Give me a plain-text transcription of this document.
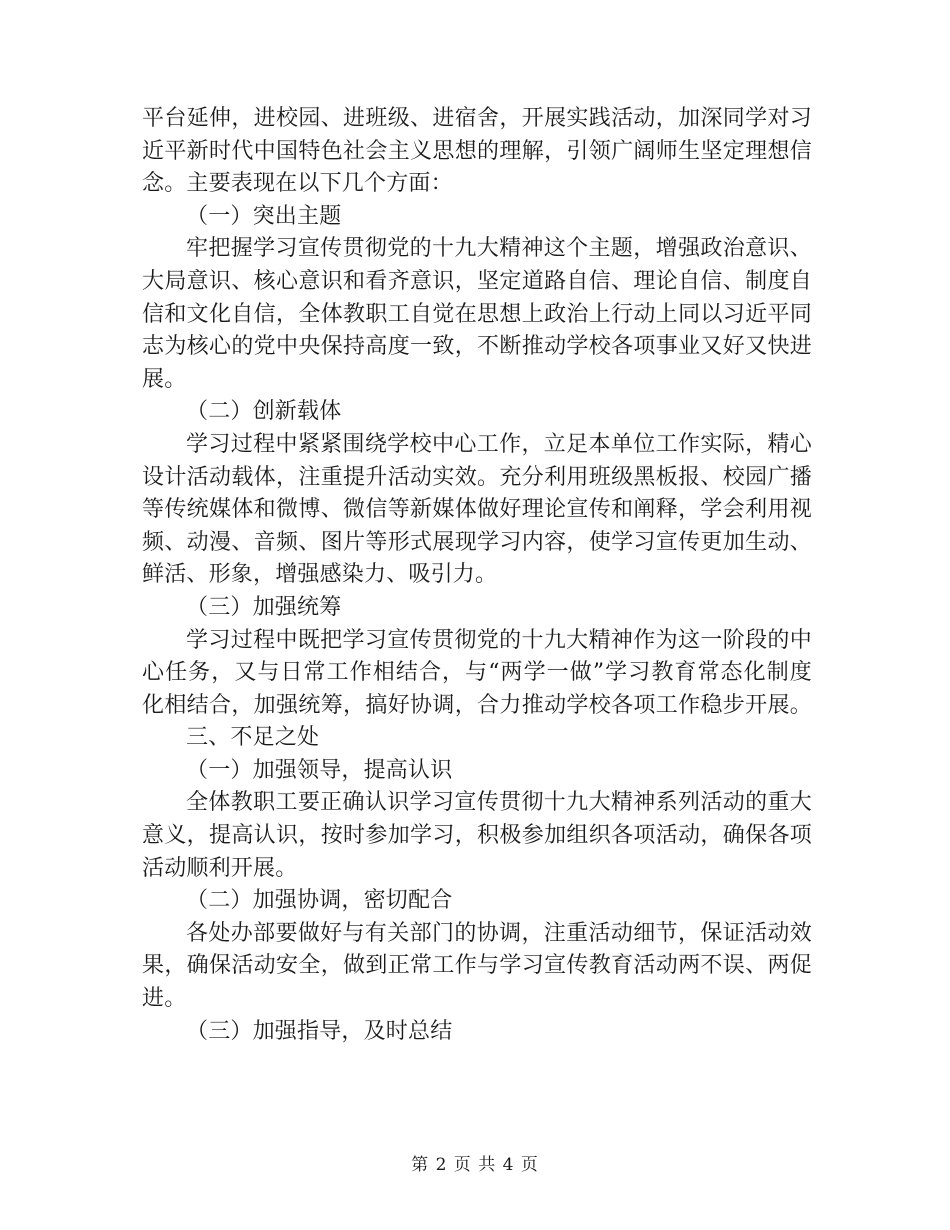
平台延伸，进校园、进班级、进宿舍，开展实践活动，加深同学对习
近平新时代中国特色社会主义思想的理解，引领广阔师生坚定理想信
念。主要表现在以下几个方面：
（一）突出主题
牢把握学习宣传贯彻党的十九大精神这个主题，增强政治意识、
大局意识、核心意识和看齐意识，坚定道路自信、理论自信、制度自
信和文化自信，全体教职工自觉在思想上政治上行动上同以习近平同
志为核心的党中央保持高度一致，不断推动学校各项事业又好又快进
展。
（二）创新载体
学习过程中紧紧围绕学校中心工作，立足本单位工作实际，精心
设计活动载体，注重提升活动实效。充分利用班级黑板报、校园广播
等传统媒体和微博、微信等新媒体做好理论宣传和阐释，学会利用视
频、动漫、音频、图片等形式展现学习内容，使学习宣传更加生动、
鲜活、形象，增强感染力、吸引力。
（三）加强统筹
学习过程中既把学习宣传贯彻党的十九大精神作为这一阶段的中
心任务，又与日常工作相结合，与“两学一做”学习教育常态化制度
化相结合，加强统筹，搞好协调，合力推动学校各项工作稳步开展。
三、不足之处
（一）加强领导，提高认识
全体教职工要正确认识学习宣传贯彻十九大精神系列活动的重大
意义，提高认识，按时参加学习，积极参加组织各项活动，确保各项
活动顺利开展。
（二）加强协调，密切配合
各处办部要做好与有关部门的协调，注重活动细节，保证活动效
果，确保活动安全，做到正常工作与学习宣传教育活动两不误、两促
进。
（三）加强指导，及时总结
第 2 页 共 4 页
